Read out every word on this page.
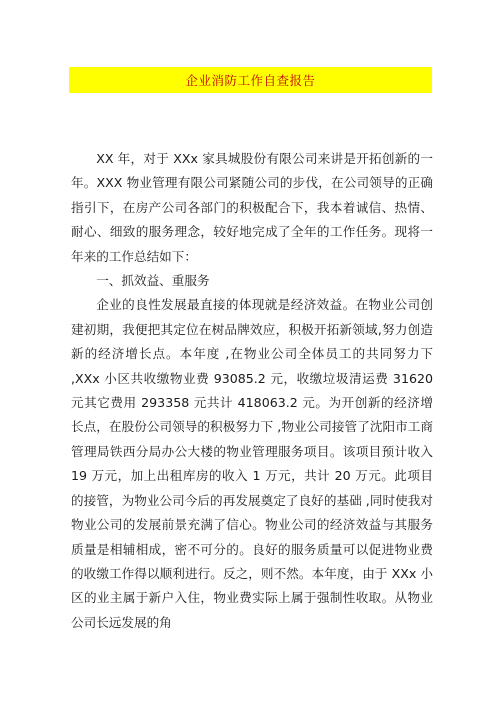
企业消防工作自查报告

XX 年，对于 XXx 家具城股份有限公司来讲是开拓创新的一年。XXX 物业管理有限公司紧随公司的步伐，在公司领导的正确指引下，在房产公司各部门的积极配合下，我本着诚信、热情、耐心、细致的服务理念，较好地完成了全年的工作任务。现将一年来的工作总结如下：

一、抓效益、重服务

企业的良性发展最直接的体现就是经济效益。在物业公司创建初期，我便把其定位在树品牌效应，积极开拓新领域,努力创造新的经济增长点。本年度 ,在物业公司全体员工的共同努力下 ,XXx 小区共收缴物业费 93085.2 元，收缴垃圾清运费 31620 元其它费用 293358 元共计 418063.2 元。为开创新的经济增长点，在股份公司领导的积极努力下 ,物业公司接管了沈阳市工商管理局铁西分局办公大楼的物业管理服务项目。该项目预计收入 19 万元，加上出租库房的收入 1 万元，共计 20 万元。此项目的接管，为物业公司今后的再发展奠定了良好的基础 ,同时使我对物业公司的发展前景充满了信心。物业公司的经济效益与其服务质量是相辅相成，密不可分的。良好的服务质量可以促进物业费的收缴工作得以顺利进行。反之，则不然。本年度，由于 XXx 小区的业主属于新户入住，物业费实际上属于强制性收取。从物业公司长远发展的角
